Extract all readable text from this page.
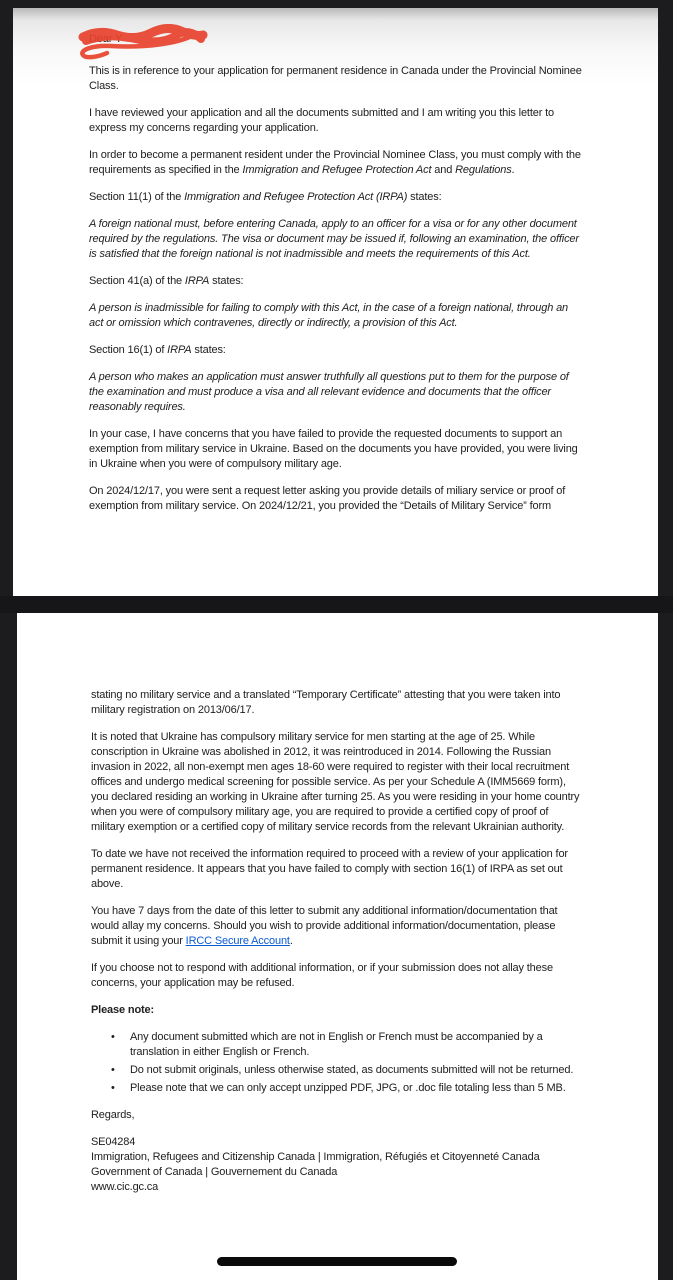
Dear Y

This is in reference to your application for permanent residence in Canada under the Provincial Nominee Class.

I have reviewed your application and all the documents submitted and I am writing you this letter to express my concerns regarding your application.

In order to become a permanent resident under the Provincial Nominee Class, you must comply with the requirements as specified in the Immigration and Refugee Protection Act and Regulations.

Section 11(1) of the Immigration and Refugee Protection Act (IRPA) states:

A foreign national must, before entering Canada, apply to an officer for a visa or for any other document required by the regulations. The visa or document may be issued if, following an examination, the officer is satisfied that the foreign national is not inadmissible and meets the requirements of this Act.

Section 41(a) of the IRPA states:

A person is inadmissible for failing to comply with this Act, in the case of a foreign national, through an act or omission which contravenes, directly or indirectly, a provision of this Act.

Section 16(1) of IRPA states:

A person who makes an application must answer truthfully all questions put to them for the purpose of the examination and must produce a visa and all relevant evidence and documents that the officer reasonably requires.

In your case, I have concerns that you have failed to provide the requested documents to support an exemption from military service in Ukraine. Based on the documents you have provided, you were living in Ukraine when you were of compulsory military age.

On 2024/12/17, you were sent a request letter asking you provide details of miliary service or proof of exemption from military service. On 2024/12/21, you provided the “Details of Military Service” form

stating no military service and a translated “Temporary Certificate” attesting that you were taken into military registration on 2013/06/17.

It is noted that Ukraine has compulsory military service for men starting at the age of 25. While conscription in Ukraine was abolished in 2012, it was reintroduced in 2014. Following the Russian invasion in 2022, all non-exempt men ages 18-60 were required to register with their local recruitment offices and undergo medical screening for possible service. As per your Schedule A (IMM5669 form), you declared residing an working in Ukraine after turning 25. As you were residing in your home country when you were of compulsory military age, you are required to provide a certified copy of proof of military exemption or a certified copy of military service records from the relevant Ukrainian authority.

To date we have not received the information required to proceed with a review of your application for permanent residence. It appears that you have failed to comply with section 16(1) of IRPA as set out above.

You have 7 days from the date of this letter to submit any additional information/documentation that would allay my concerns. Should you wish to provide additional information/documentation, please submit it using your IRCC Secure Account.

If you choose not to respond with additional information, or if your submission does not allay these concerns, your application may be refused.

Please note:

• Any document submitted which are not in English or French must be accompanied by a translation in either English or French.
• Do not submit originals, unless otherwise stated, as documents submitted will not be returned.
• Please note that we can only accept unzipped PDF, JPG, or .doc file totaling less than 5 MB.

Regards,

SE04284
Immigration, Refugees and Citizenship Canada | Immigration, Réfugiés et Citoyenneté Canada
Government of Canada | Gouvernement du Canada
www.cic.gc.ca
